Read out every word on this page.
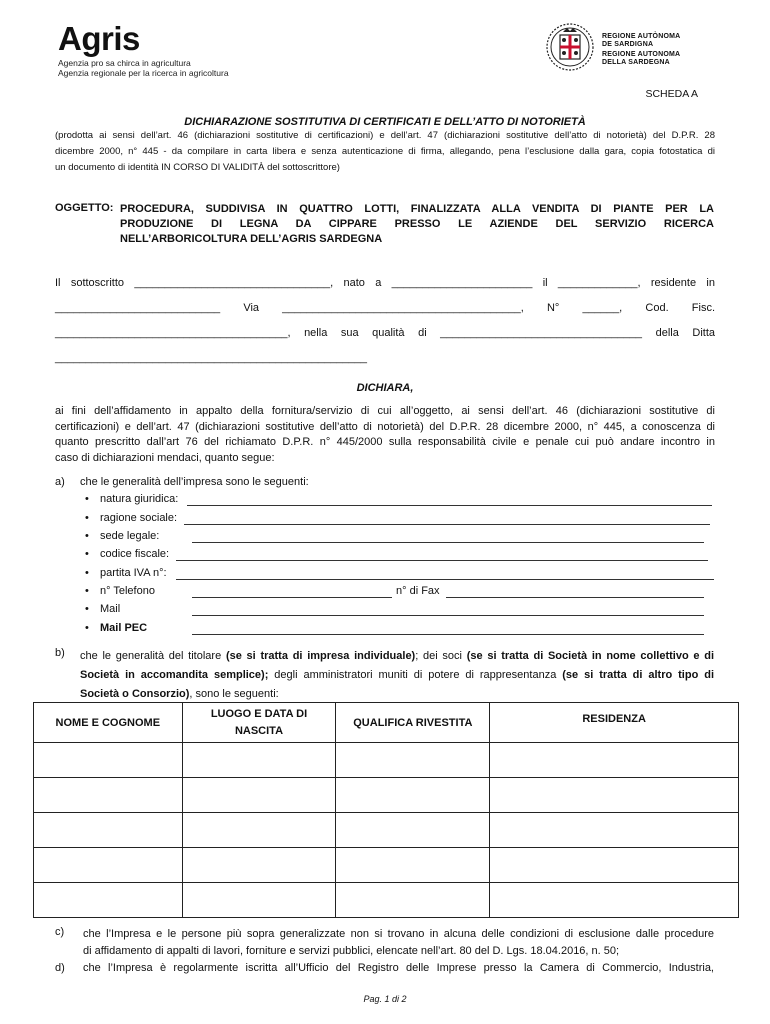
Agris
Agenzia pro sa chirca in agricultura
Agenzia regionale per la ricerca in agricoltura
REGIONE AUTÒNOMA
DE SARDIGNA
REGIONE AUTONOMA
DELLA SARDEGNA
SCHEDA A
DICHIARAZIONE SOSTITUTIVA DI CERTIFICATI E DELL’ATTO DI NOTORIETÀ
(prodotta ai sensi dell’art. 46 (dichiarazioni sostitutive di certificazioni) e dell’art. 47 (dichiarazioni sostitutive dell’atto di notorietà) del D.P.R. 28
dicembre 2000, n° 445 - da compilare in carta libera e senza autenticazione di firma, allegando, pena l’esclusione dalla gara, copia fotostatica di
un documento di identità IN CORSO DI VALIDITÀ del sottoscrittore)
OGGETTO: PROCEDURA, SUDDIVISA IN QUATTRO LOTTI, FINALIZZATA ALLA VENDITA DI PIANTE PER LA
PRODUZIONE DI LEGNA DA CIPPARE PRESSO LE AZIENDE DEL SERVIZIO RICERCA
NELL’ARBORICOLTURA DELL’AGRIS SARDEGNA
Il sottoscritto ________________________________, nato a _______________________ il _____________, residente in
___________________________ Via _______________________________________, N° ______, Cod. Fisc.
______________________________________, nella sua qualità di _________________________________ della Ditta
___________________________________________________
DICHIARA,
ai fini dell’affidamento in appalto della fornitura/servizio di cui all’oggetto, ai sensi dell’art. 46 (dichiarazioni sostitutive di
certificazioni) e dell’art. 47 (dichiarazioni sostitutive dell’atto di notorietà) del D.P.R. 28 dicembre 2000, n° 445, a conoscenza di
quanto prescritto dall’art 76 del richiamato D.P.R. n° 445/2000 sulla responsabilità civile e penale cui può andare incontro in
caso di dichiarazioni mendaci, quanto segue:
a) che le generalità dell’impresa sono le seguenti:
• natura giuridica:
• ragione sociale:
• sede legale:
• codice fiscale:
• partita IVA n°:
• n° Telefono	n° di Fax
• Mail
• Mail PEC
b) che le generalità del titolare (se si tratta di impresa individuale); dei soci (se si tratta di Società in nome collettivo e di
Società in accomandita semplice); degli amministratori muniti di potere di rappresentanza (se si tratta di altro tipo di
Società o Consorzio), sono le seguenti:
NOME E COGNOME	LUOGO E DATA DI
NASCITA	QUALIFICA RIVESTITA	RESIDENZA

c) che l’Impresa e le persone più sopra generalizzate non si trovano in alcuna delle condizioni di esclusione dalle procedure
di affidamento di appalti di lavori, forniture e servizi pubblici, elencate nell’art. 80 del D. Lgs. 18.04.2016, n. 50;
d) che l’Impresa è regolarmente iscritta all’Ufficio del Registro delle Imprese presso la Camera di Commercio, Industria,
Pag. 1 di 2
